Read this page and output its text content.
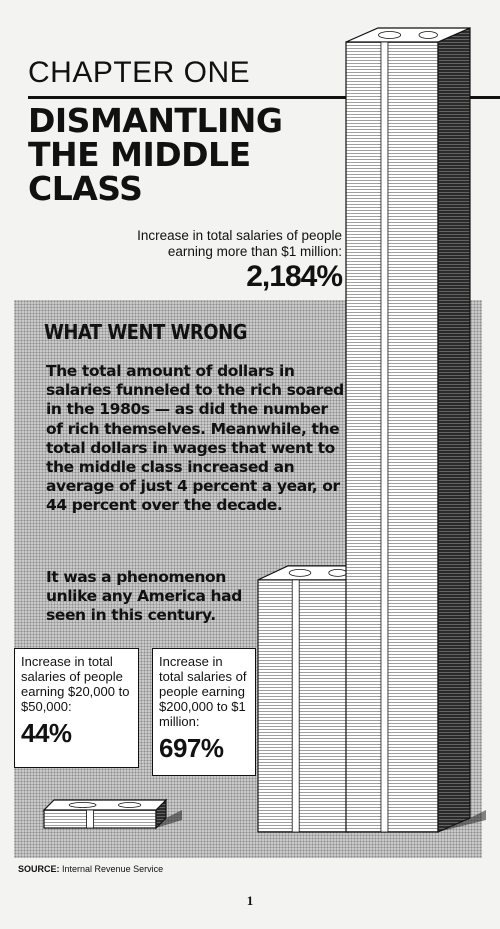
CHAPTER ONE
DISMANTLING
THE MIDDLE
CLASS
Increase in total salaries of people earning more than $1 million:
2,184%
WHAT WENT WRONG
The total amount of dollars in salaries funneled to the rich soared in the 1980s — as did the number of rich themselves. Meanwhile, the total dollars in wages that went to the middle class increased an average of just 4 percent a year, or 44 percent over the decade.
It was a phenomenon unlike any America had seen in this century.
Increase in total salaries of people earning $20,000 to $50,000:
44%
Increase in total salaries of people earning $200,000 to $1 million:
697%
SOURCE: Internal Revenue Service
1
